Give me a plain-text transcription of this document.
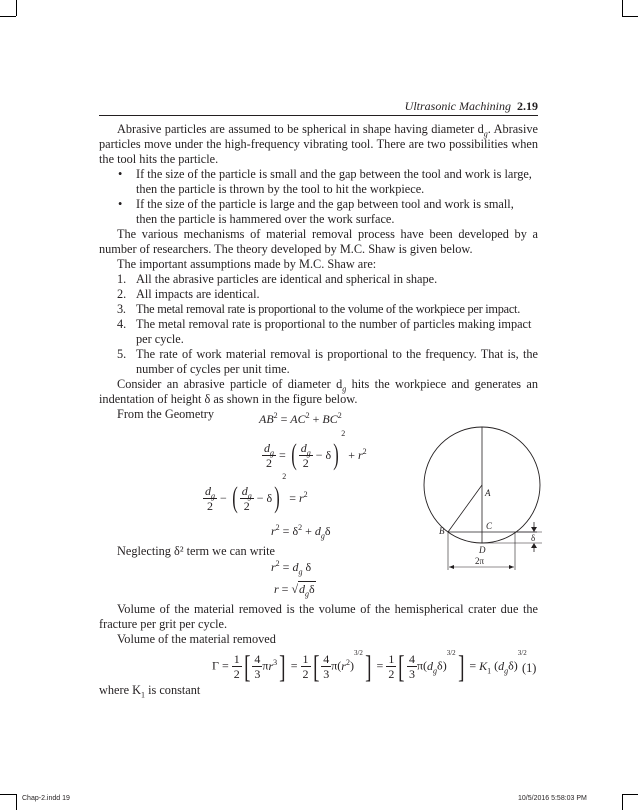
Ultrasonic Machining 2.19

Abrasive particles are assumed to be spherical in shape having diameter $d_g$. Abrasive particles move under the high-frequency vibrating tool. There are two possibilities when the tool hits the particle.

• If the size of the particle is small and the gap between the tool and work is large, then the particle is thrown by the tool to hit the workpiece.
• If the size of the particle is large and the gap between tool and work is small, then the particle is hammered over the work surface.

The various mechanisms of material removal process have been developed by a number of researchers. The theory developed by M.C. Shaw is given below.

The important assumptions made by M.C. Shaw are:

1. All the abrasive particles are identical and spherical in shape.
2. All impacts are identical.
3. The metal removal rate is proportional to the volume of the workpiece per impact.
4. The metal removal rate is proportional to the number of particles making impact per cycle.
5. The rate of work material removal is proportional to the frequency. That is, the number of cycles per unit time.

Consider an abrasive particle of diameter $d_g$ hits the workpiece and generates an indentation of height δ as shown in the figure below.

From the Geometry	$AB^2 = AC^2 + BC^2$
$\frac{d_g}{2}$ = ( $\frac{d_g}{2} - \delta)^2 + r^2$
$\frac{d_g}{2}$ − ( $\frac{d_g}{2} - \delta)^2 = r^2$
$r^2 = \delta^2 + d_g\delta$

Neglecting δ² term we can write

$r^2 = d_g$ δ
$r = √d_g\delta$

Volume of the material removed is the volume of the hemispherical crater due the fracture per grit per cycle.

Volume of the material removed

$\Gamma = \frac{1}{2}$ [ $\frac{4}{3} \pi r^3] = \frac{1}{2}$ [ $\frac{4}{3} \pi(r^2)^{3/2}] = \frac{1}{2}$ [ $\frac{4}{3} \pi(d_g\delta)^{3/2}] = K_1$ $(d_g\delta)^{3/2}$
(1)

where $K_1$ is constant

A
B	C
D
δ
2π
Chap-2.indd 19	10/5/2016 5:58:03 PM
